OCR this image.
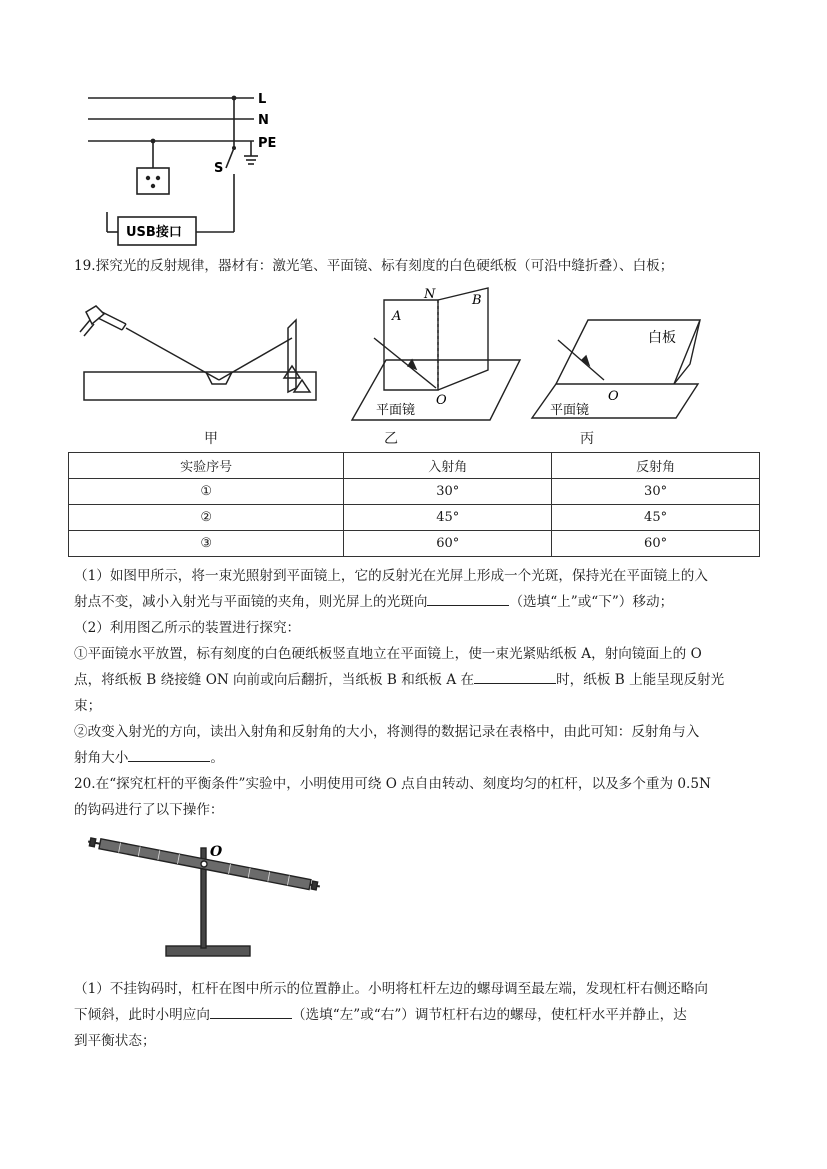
L
N
PE
S
USB接口
19.探究光的反射规律，器材有：激光笔、平面镜、标有刻度的白色硬纸板（可沿中缝折叠）、白板；
甲
N	B
A
O
平面镜
乙
白板
O
平面镜
丙
实验序号	入射角	反射角
①	30°	30°
②	45°	45°
③	60°	60°
（1）如图甲所示，将一束光照射到平面镜上，它的反射光在光屏上形成一个光斑，保持光在平面镜上的入
射点不变，减小入射光与平面镜的夹角，则光屏上的光斑向	（选填“上”或“下”）移动；
（2）利用图乙所示的装置进行探究：
①平面镜水平放置，标有刻度的白色硬纸板竖直地立在平面镜上，使一束光紧贴纸板 A，射向镜面上的 O
点，将纸板 B 绕接缝 ON 向前或向后翻折，当纸板 B 和纸板 A 在	时，纸板 B 上能呈现反射光
束；
②改变入射光的方向，读出入射角和反射角的大小，将测得的数据记录在表格中，由此可知：反射角与入
射角大小	。
20.在“探究杠杆的平衡条件”实验中，小明使用可绕 O 点自由转动、刻度均匀的杠杆，以及多个重为 0.5N
的钩码进行了以下操作：
O
（1）不挂钩码时，杠杆在图中所示的位置静止。小明将杠杆左边的螺母调至最左端，发现杠杆右侧还略向
下倾斜，此时小明应向	（选填“左”或“右”）调节杠杆右边的螺母，使杠杆水平并静止，达
到平衡状态；
